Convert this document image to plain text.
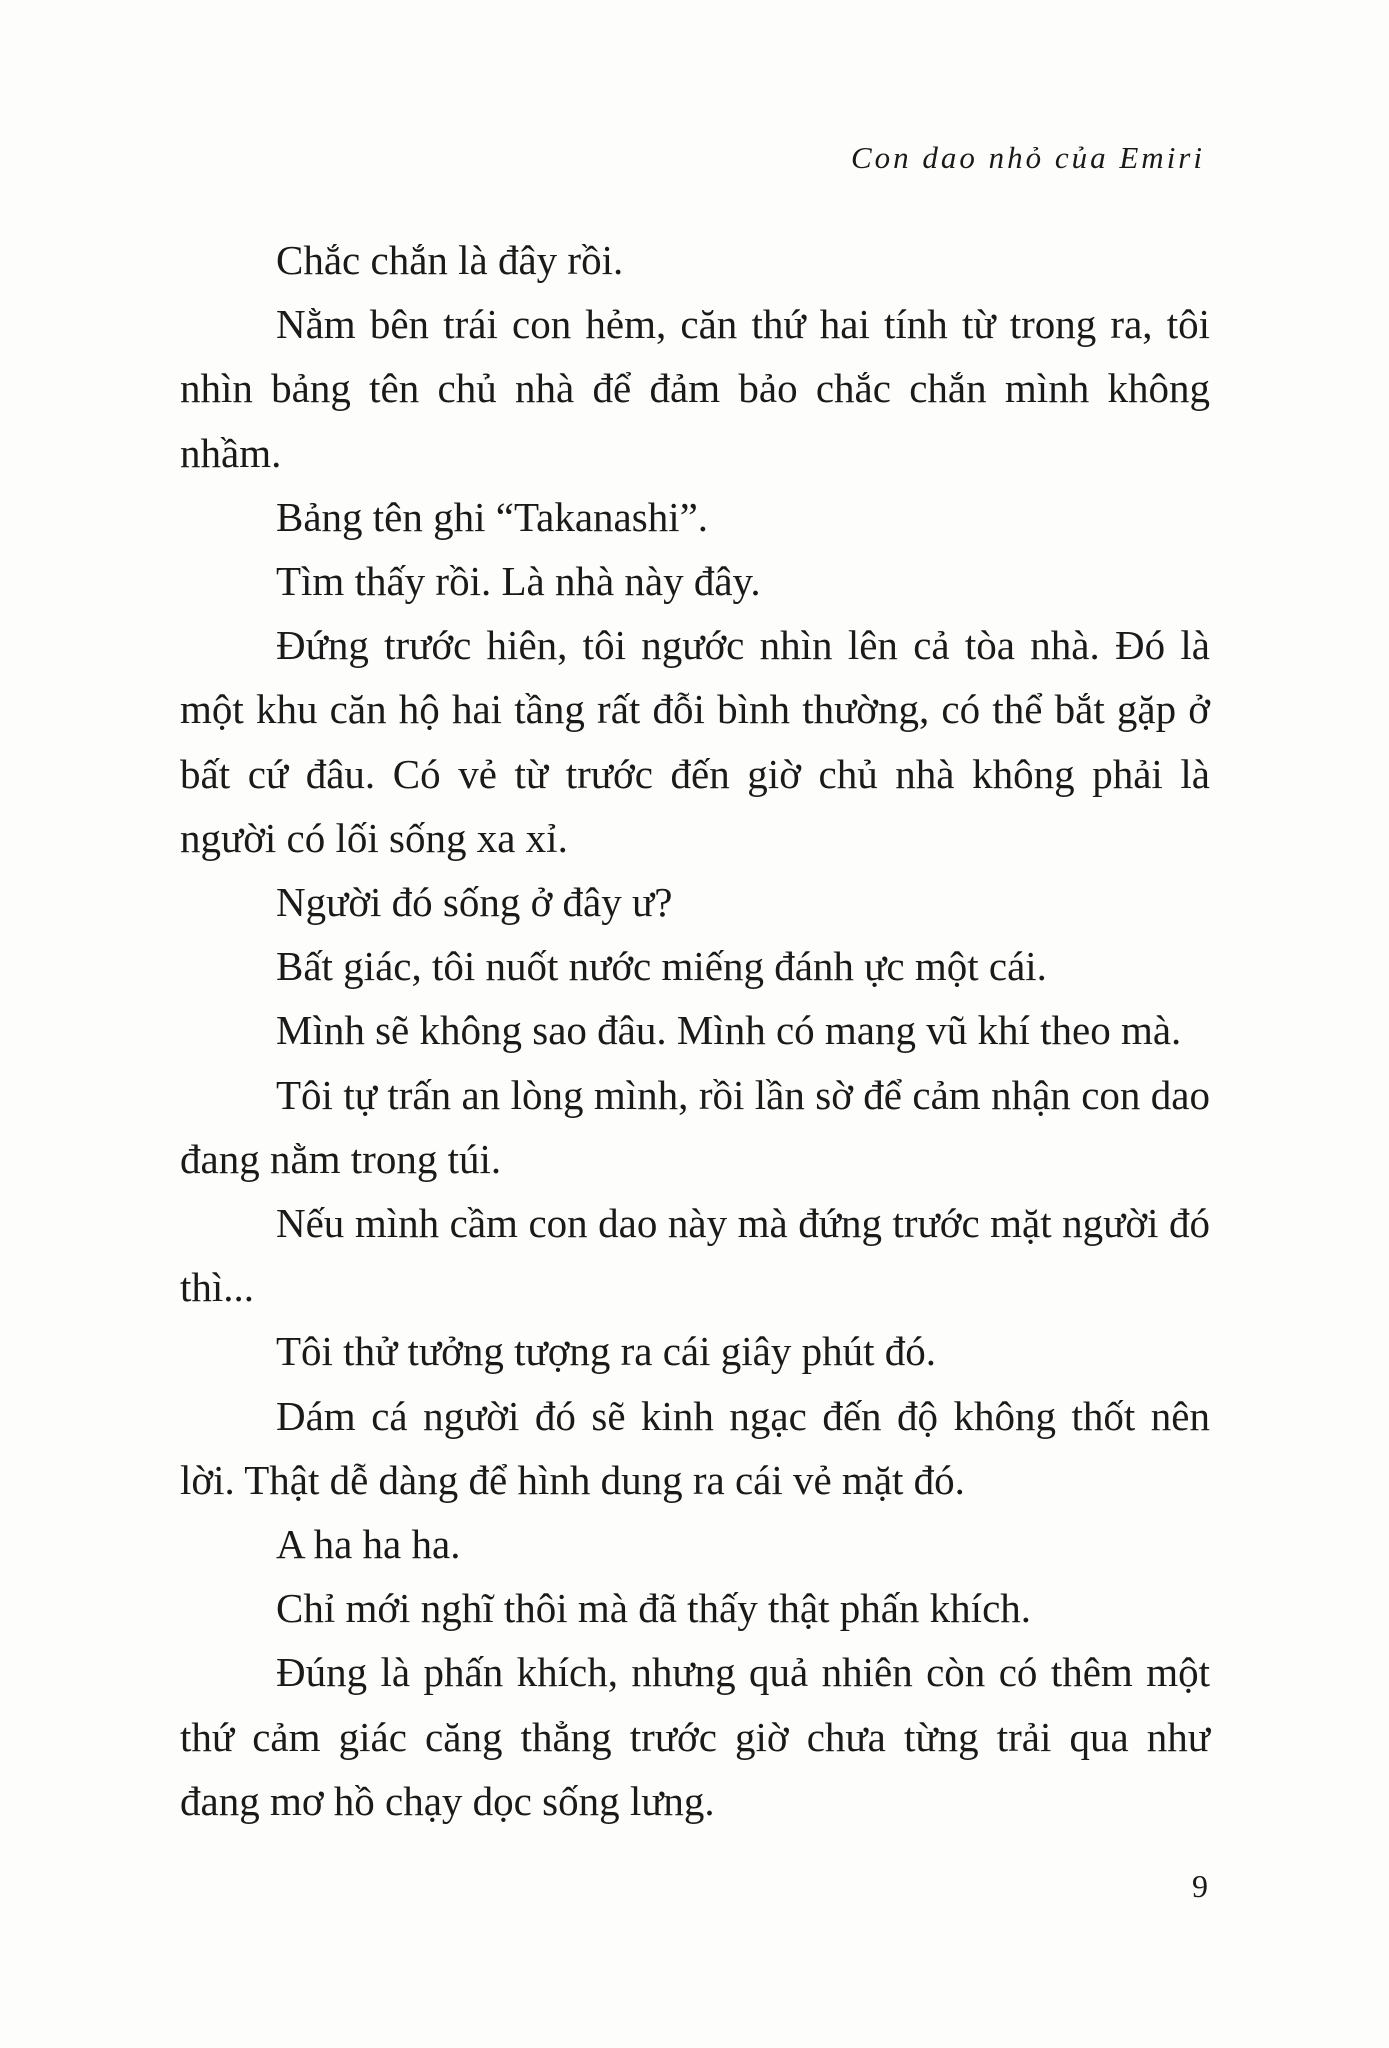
Con dao nhỏ của Emiri

Chắc chắn là đây rồi.

Nằm bên trái con hẻm, căn thứ hai tính từ trong ra, tôi nhìn bảng tên chủ nhà để đảm bảo chắc chắn mình không nhầm.

Bảng tên ghi “Takanashi”.

Tìm thấy rồi. Là nhà này đây.

Đứng trước hiên, tôi ngước nhìn lên cả tòa nhà. Đó là một khu căn hộ hai tầng rất đỗi bình thường, có thể bắt gặp ở bất cứ đâu. Có vẻ từ trước đến giờ chủ nhà không phải là người có lối sống xa xỉ.

Người đó sống ở đây ư?

Bất giác, tôi nuốt nước miếng đánh ực một cái.

Mình sẽ không sao đâu. Mình có mang vũ khí theo mà.

Tôi tự trấn an lòng mình, rồi lần sờ để cảm nhận con dao đang nằm trong túi.

Nếu mình cầm con dao này mà đứng trước mặt người đó thì...

Tôi thử tưởng tượng ra cái giây phút đó.

Dám cá người đó sẽ kinh ngạc đến độ không thốt nên lời. Thật dễ dàng để hình dung ra cái vẻ mặt đó.

A ha ha ha.

Chỉ mới nghĩ thôi mà đã thấy thật phấn khích.

Đúng là phấn khích, nhưng quả nhiên còn có thêm một thứ cảm giác căng thẳng trước giờ chưa từng trải qua như đang mơ hồ chạy dọc sống lưng.

9
